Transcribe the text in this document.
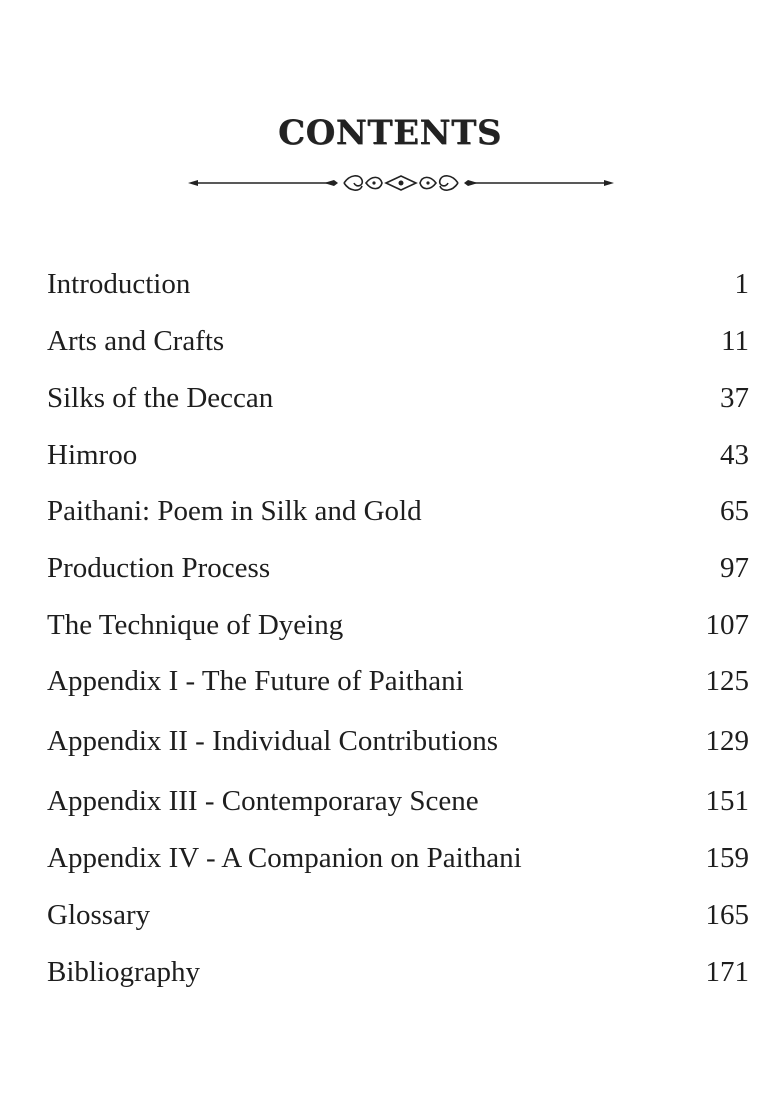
CONTENTS
Introduction	1
Arts and Crafts	11
Silks of the Deccan	37
Himroo	43
Paithani: Poem in Silk and Gold	65
Production Process	97
The Technique of Dyeing	107
Appendix I - The Future of Paithani	125
Appendix II - Individual Contributions	129
Appendix III - Contemporaray Scene	151
Appendix IV - A Companion on Paithani	159
Glossary	165
Bibliography	171
